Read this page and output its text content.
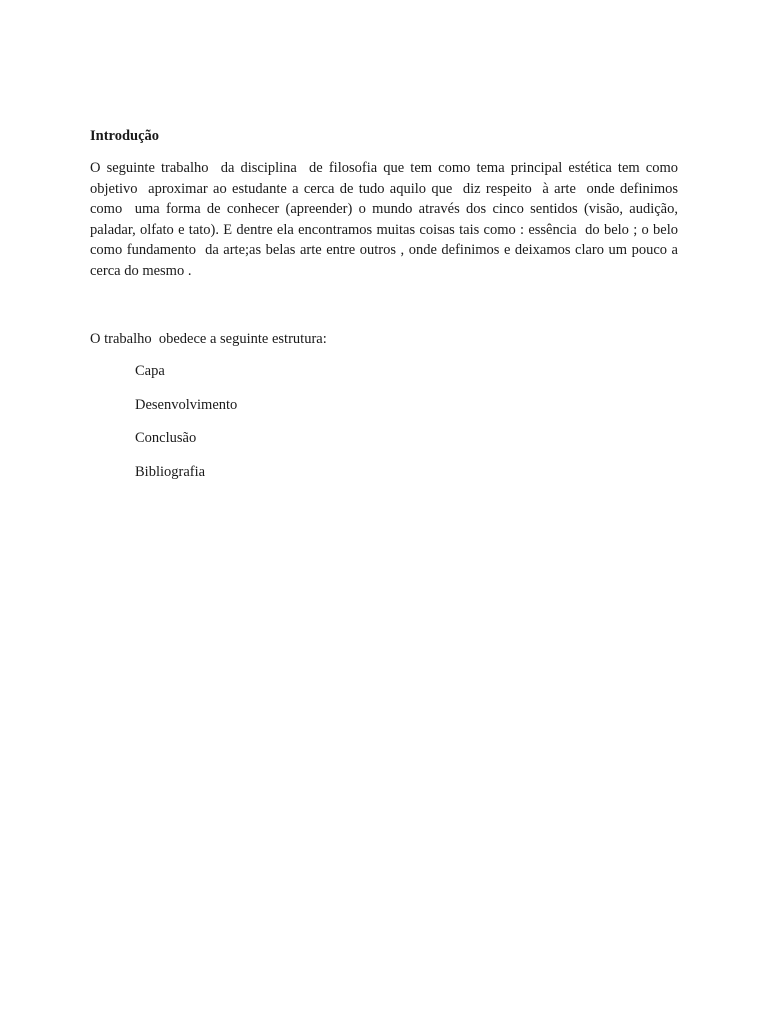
Introdução

O seguinte trabalho  da disciplina  de filosofia que tem como tema principal estética tem como objetivo  aproximar ao estudante a cerca de tudo aquilo que  diz respeito  à arte  onde definimos como  uma forma de conhecer (apreender) o mundo através dos cinco sentidos (visão, audição, paladar, olfato e tato). E dentre ela encontramos muitas coisas tais como : essência  do belo ; o belo como fundamento  da arte;as belas arte entre outros , onde definimos e deixamos claro um pouco a cerca do mesmo .

O trabalho  obedece a seguinte estrutura:

Capa
Desenvolvimento
Conclusão
Bibliografia
